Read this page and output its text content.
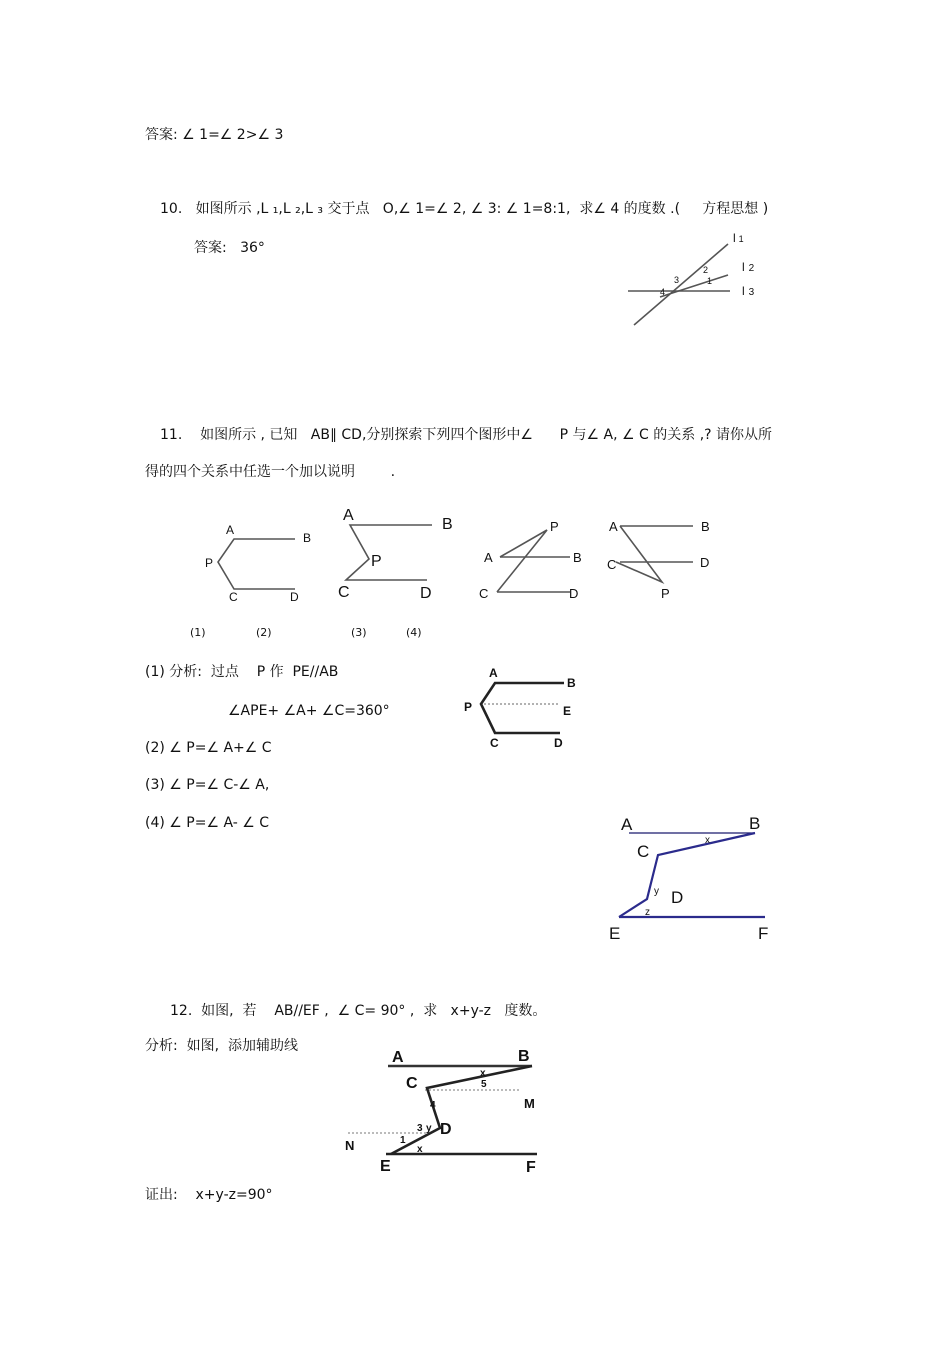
答案: ∠ 1=∠ 2>∠ 3
10.   如图所示 ,L ₁,L ₂,L ₃ 交于点   O,∠ 1=∠ 2, ∠ 3: ∠ 1=8:1,  求∠ 4 的度数 .(     方程思想 )
答案:   36°
l 1
l 2
l 3
1
2
3
4
11.    如图所示 , 已知   AB∥ CD,分别探索下列四个图形中∠      P 与∠ A, ∠ C 的关系 ,? 请你从所
得的四个关系中任选一个加以说明        .
A
B
P
C	D
A
B
P
C	D
P
A	B
C	D
A	B
C	D
P
(1)	(2)	(3)	(4)
(1) 分析:  过点    P 作  PE//AB
∠APE+ ∠A+ ∠C=360°
(2) ∠ P=∠ A+∠ C
(3) ∠ P=∠ C-∠ A,
(4) ∠ P=∠ A- ∠ C
A
B
P	E
C	D
A	B
C
D
E	F
x
y
z
12.  如图,  若    AB//EF ,  ∠ C= 90° ,  求   x+y-z   度数。
分析:  如图,  添加辅助线
A	B
C
D
E	F
M
N
x
5
4
3 y
1
x
证出:    x+y-z=90°
